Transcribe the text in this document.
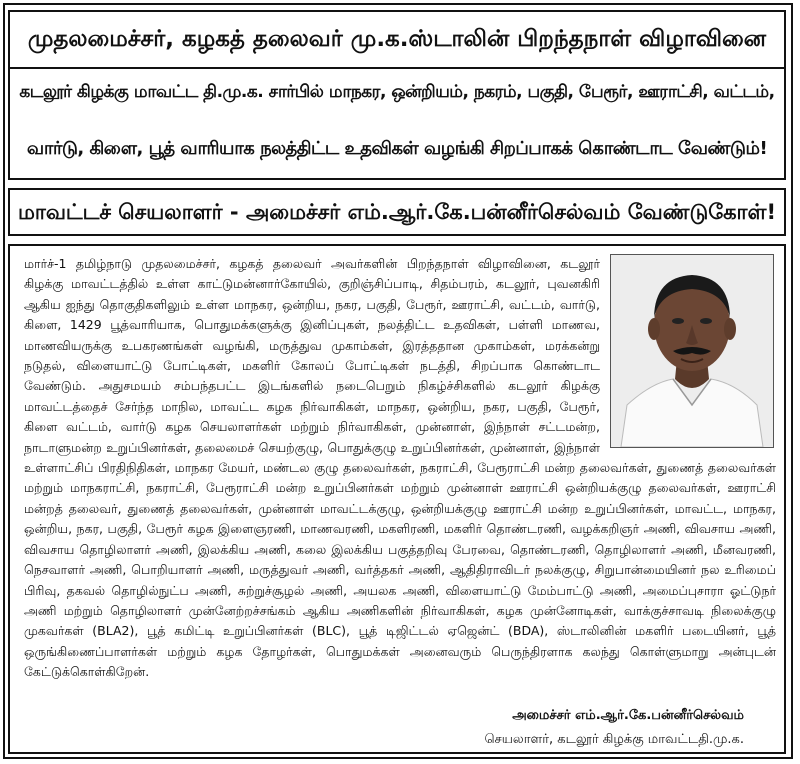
முதலமைச்சர், கழகத் தலைவர் மு.க.ஸ்டாலின் பிறந்தநாள் விழாவினை
கடலூர் கிழக்கு மாவட்ட தி.மு.க. சார்பில் மாநகர, ஒன்றியம், நகரம், பகுதி, பேரூர், ஊராட்சி, வட்டம்,
வார்டு, கிளை, பூத் வாரியாக நலத்திட்ட உதவிகள் வழங்கி சிறப்பாகக் கொண்டாட வேண்டும்!
மாவட்டச் செயலாளர் - அமைச்சர் எம்.ஆர்.கே.பன்னீர்செல்வம் வேண்டுகோள்!
மார்ச்-1 தமிழ்நாடு முதலமைச்சர், கழகத் தலைவர் அவர்களின் பிறந்தநாள் விழாவினை, கடலூர் கிழக்கு மாவட்டத்தில் உள்ள காட்டுமன்னார்கோயில், குறிஞ்சிப்பாடி, சிதம்பரம், கடலூர், புவனகிரி ஆகிய ஐந்து தொகுதிகளிலும் உள்ள மாநகர, ஒன்றிய, நகர, பகுதி, பேரூர், ஊராட்சி, வட்டம், வார்டு, கிளை, 1429 பூத்வாரியாக, பொதுமக்களுக்கு இனிப்புகள், நலத்திட்ட உதவிகள், பள்ளி மாணவ, மாணவியருக்கு உபகரணங்கள் வழங்கி, மருத்துவ முகாம்கள், இரத்ததான முகாம்கள், மரக்கன்று நடுதல், விளையாட்டு போட்டிகள், மகளிர் கோலப் போட்டிகள் நடத்தி, சிறப்பாக கொண்டாட வேண்டும். அதுசமயம் சம்பந்தபட்ட இடங்களில் நடைபெறும் நிகழ்ச்சிகளில் கடலூர் கிழக்கு மாவட்டத்தைச் சேர்ந்த மாநில, மாவட்ட கழக நிர்வாகிகள், மாநகர, ஒன்றிய, நகர, பகுதி, பேரூர், கிளை வட்டம், வார்டு கழக செயலாளர்கள் மற்றும் நிர்வாகிகள், முன்னாள், இந்நாள் சட்டமன்ற, நாடாளுமன்ற உறுப்பினர்கள், தலைமைச் செயற்குழு, பொதுக்குழு உறுப்பினர்கள், முன்னாள், இந்நாள் உள்ளாட்சிப் பிரதிநிதிகள், மாநகர மேயர், மண்டல குழு தலைவர்கள், நகராட்சி, பேரூராட்சி மன்ற தலைவர்கள், துணைத் தலைவர்கள் மற்றும் மாநகராட்சி, நகராட்சி, பேரூராட்சி மன்ற உறுப்பினர்கள் மற்றும் முன்னாள் ஊராட்சி ஒன்றியக்குழு தலைவர்கள், ஊராட்சி மன்றத் தலைவர், துணைத் தலைவர்கள், முன்னாள் மாவட்டக்குழு, ஒன்றியக்குழு ஊராட்சி மன்ற உறுப்பினர்கள், மாவட்ட, மாநகர, ஒன்றிய, நகர, பகுதி, பேரூர் கழக இளைஞரணி, மாணவரணி, மகளிரணி, மகளிர் தொண்டரணி, வழக்கறிஞர் அணி, விவசாய அணி, விவசாய தொழிலாளர் அணி, இலக்கிய அணி, கலை இலக்கிய பகுத்தறிவு பேரவை, தொண்டரணி, தொழிலாளர் அணி, மீனவரணி, நெசவாளர் அணி, பொறியாளர் அணி, மருத்துவர் அணி, வர்த்தகர் அணி, ஆதிதிராவிடர் நலக்குழு, சிறுபான்மையினர் நல உரிமைப் பிரிவு, தகவல் தொழில்நுட்ப அணி, சுற்றுச்சூழல் அணி, அயலக அணி, விளையாட்டு மேம்பாட்டு அணி, அமைப்புசாரா ஓட்டுநர் அணி மற்றும் தொழிலாளர் முன்னேற்றச்சங்கம் ஆகிய அணிகளின் நிர்வாகிகள், கழக முன்னோடிகள், வாக்குச்சாவடி நிலைக்குழு முகவர்கள் (BLA2), பூத் கமிட்டி உறுப்பினர்கள் (BLC), பூத் டிஜிட்டல் ஏஜென்ட் (BDA), ஸ்டாலினின் மகளிர் படையினர், பூத் ஒருங்கிணைப்பாளர்கள் மற்றும் கழக தோழர்கள், பொதுமக்கள் அனைவரும் பெருந்திரளாக கலந்து கொள்ளுமாறு அன்புடன் கேட்டுக்கொள்கிறேன்.
அமைச்சர் எம்.ஆர்.கே.பன்னீர்செல்வம்
செயலாளர், கடலூர் கிழக்கு மாவட்டதி.மு.க.
